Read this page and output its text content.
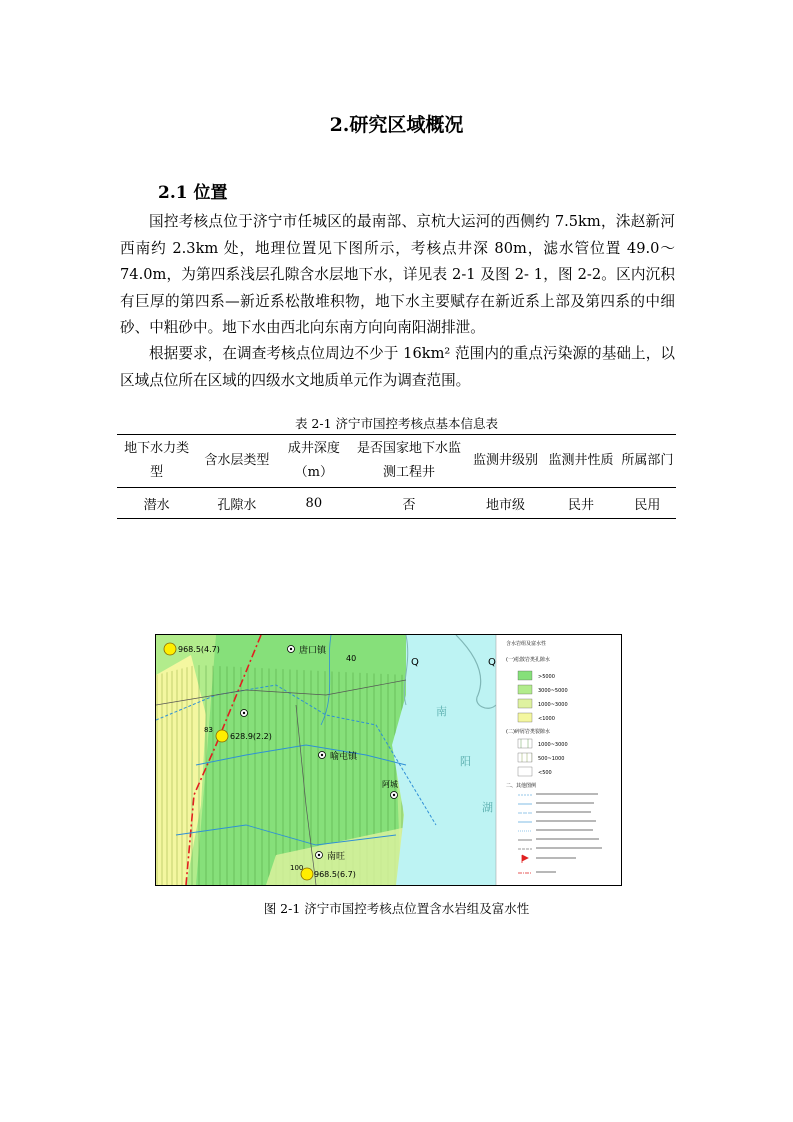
2.研究区域概况
2.1 位置

国控考核点位于济宁市任城区的最南部、京杭大运河的西侧约 7.5km，洙赵新河西南约 2.3km 处，地理位置见下图所示，考核点井深 80m，滤水管位置 49.0～74.0m，为第四系浅层孔隙含水层地下水，详见表 2-1 及图 2- 1，图 2-2。区内沉积有巨厚的第四系—新近系松散堆积物，地下水主要赋存在新近系上部及第四系的中细砂、中粗砂中。地下水由西北向东南方向向南阳湖排泄。

根据要求，在调查考核点位周边不少于 16km² 范围内的重点污染源的基础上，以区域点位所在区域的四级水文地质单元作为调查范围。

表 2-1 济宁市国控考核点基本信息表
地下水力类型	含水层类型	成井深度（m）	是否国家地下水监测工程井	监测井级别	监测井性质	所属部门
潜水	孔隙水	80	否	地市级	民井	民用
唐口镇
喻屯镇
南旺
阿城
Q	Q
40
南
阳
湖
968.5(4.7)
83
628.9(2.2)
100
968.5(6.7)
含水岩组及富水性
(一)松散岩类孔隙水
>5000
3000~5000
1000~3000
<1000
(二)碎屑岩类裂隙水
1000~3000
500~1000
<500
二、其他图例
图 2-1 济宁市国控考核点位置含水岩组及富水性
